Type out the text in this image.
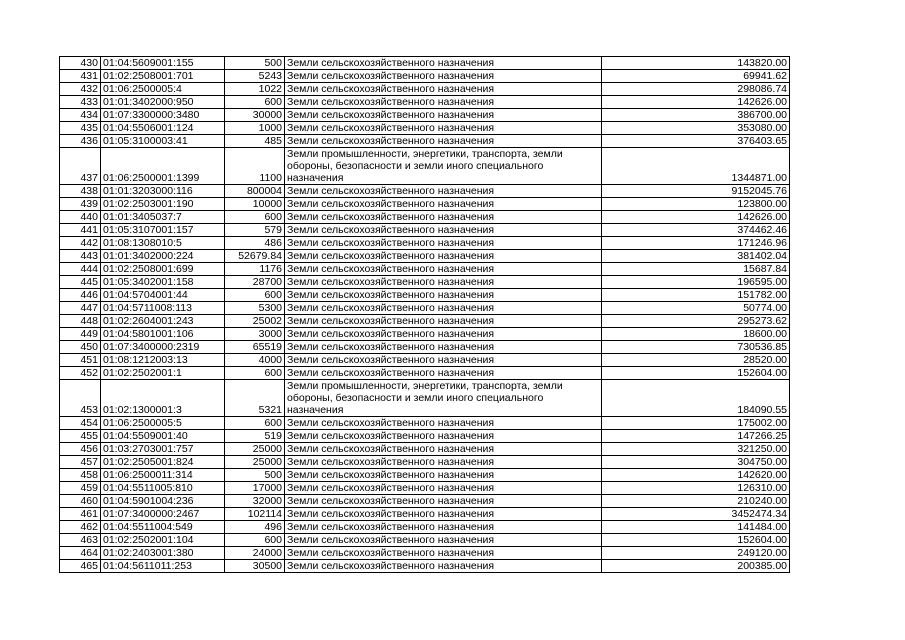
430	01:04:5609001:155	500	Земли сельскохозяйственного назначения	143820.00
431	01:02:2508001:701	5243	Земли сельскохозяйственного назначения	69941.62
432	01:06:2500005:4	1022	Земли сельскохозяйственного назначения	298086.74
433	01:01:3402000:950	600	Земли сельскохозяйственного назначения	142626.00
434	01:07:3300000:3480	30000	Земли сельскохозяйственного назначения	386700.00
435	01:04:5506001:124	1000	Земли сельскохозяйственного назначения	353080.00
436	01:05:3100003:41	485	Земли сельскохозяйственного назначения	376403.65
437	01:06:2500001:1399	1100	Земли промышленности, энергетики, транспорта, земли обороны, безопасности и земли иного специального назначения	1344871.00
438	01:01:3203000:116	800004	Земли сельскохозяйственного назначения	9152045.76
439	01:02:2503001:190	10000	Земли сельскохозяйственного назначения	123800.00
440	01:01:3405037:7	600	Земли сельскохозяйственного назначения	142626.00
441	01:05:3107001:157	579	Земли сельскохозяйственного назначения	374462.46
442	01:08:1308010:5	486	Земли сельскохозяйственного назначения	171246.96
443	01:01:3402000:224	52679.84	Земли сельскохозяйственного назначения	381402.04
444	01:02:2508001:699	1176	Земли сельскохозяйственного назначения	15687.84
445	01:05:3402001:158	28700	Земли сельскохозяйственного назначения	196595.00
446	01:04:5704001:44	600	Земли сельскохозяйственного назначения	151782.00
447	01:04:5711008:113	5300	Земли сельскохозяйственного назначения	50774.00
448	01:02:2604001:243	25002	Земли сельскохозяйственного назначения	295273.62
449	01:04:5801001:106	3000	Земли сельскохозяйственного назначения	18600.00
450	01:07:3400000:2319	65519	Земли сельскохозяйственного назначения	730536.85
451	01:08:1212003:13	4000	Земли сельскохозяйственного назначения	28520.00
452	01:02:2502001:1	600	Земли сельскохозяйственного назначения	152604.00
453	01:02:1300001:3	5321	Земли промышленности, энергетики, транспорта, земли обороны, безопасности и земли иного специального назначения	184090.55
454	01:06:2500005:5	600	Земли сельскохозяйственного назначения	175002.00
455	01:04:5509001:40	519	Земли сельскохозяйственного назначения	147266.25
456	01:03:2703001:757	25000	Земли сельскохозяйственного назначения	321250.00
457	01:02:2505001:824	25000	Земли сельскохозяйственного назначения	304750.00
458	01:06:2500011:314	500	Земли сельскохозяйственного назначения	142620.00
459	01:04:5511005:810	17000	Земли сельскохозяйственного назначения	126310.00
460	01:04:5901004:236	32000	Земли сельскохозяйственного назначения	210240.00
461	01:07:3400000:2467	102114	Земли сельскохозяйственного назначения	3452474.34
462	01:04:5511004:549	496	Земли сельскохозяйственного назначения	141484.00
463	01:02:2502001:104	600	Земли сельскохозяйственного назначения	152604.00
464	01:02:2403001:380	24000	Земли сельскохозяйственного назначения	249120.00
465	01:04:5611011:253	30500	Земли сельскохозяйственного назначения	200385.00
